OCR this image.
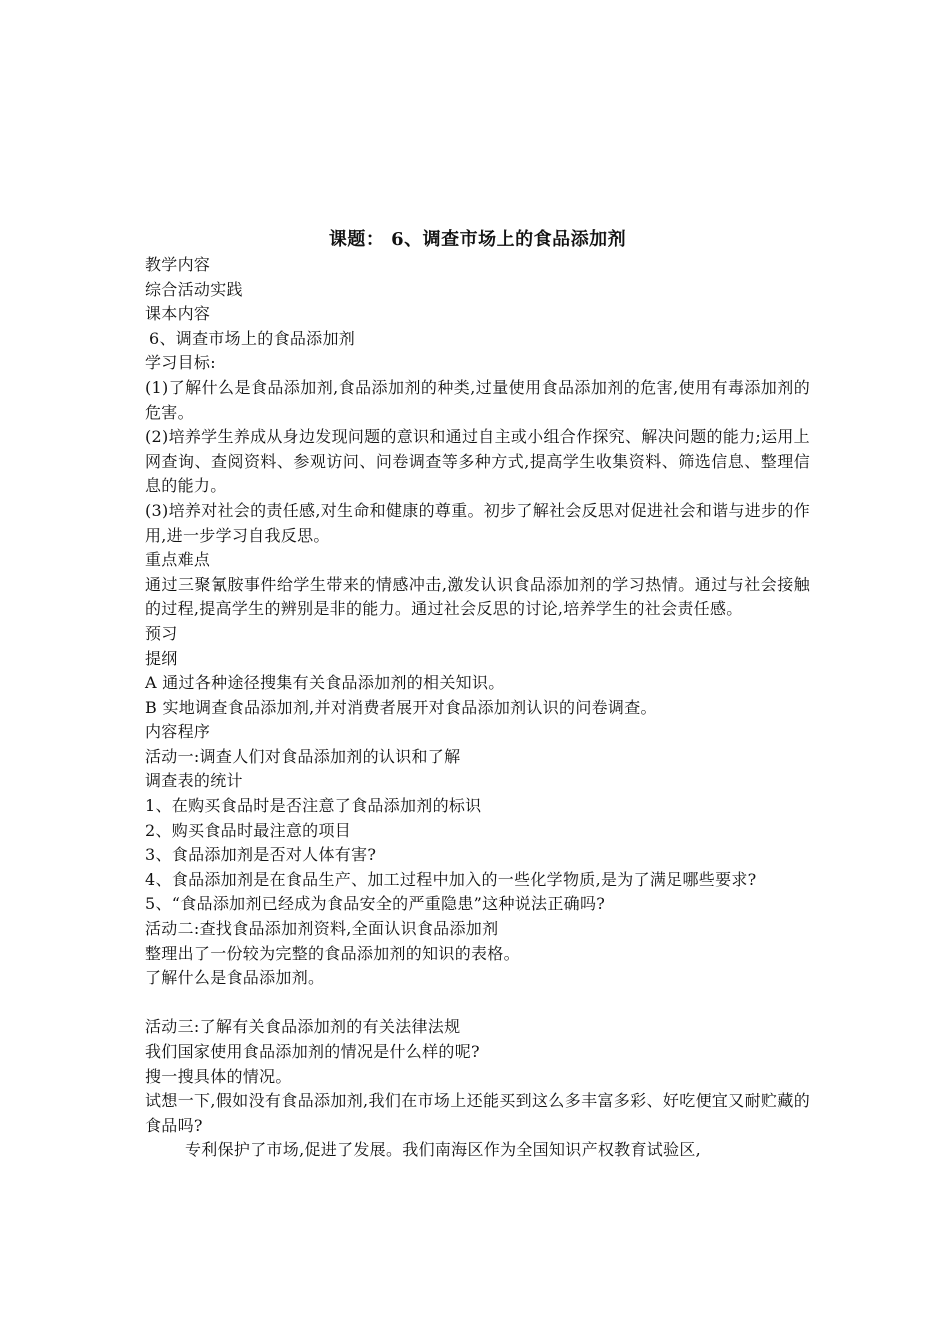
课题： 6、调查市场上的食品添加剂
教学内容
综合活动实践
课本内容
6、调查市场上的食品添加剂
学习目标:
(1)了解什么是食品添加剂,食品添加剂的种类,过量使用食品添加剂的危害,使用有毒添加剂的危害。
(2)培养学生养成从身边发现问题的意识和通过自主或小组合作探究、解决问题的能力;运用上网查询、查阅资料、参观访问、问卷调查等多种方式,提高学生收集资料、筛选信息、整理信息的能力。
(3)培养对社会的责任感,对生命和健康的尊重。初步了解社会反思对促进社会和谐与进步的作用,进一步学习自我反思。
重点难点
通过三聚氰胺事件给学生带来的情感冲击,激发认识食品添加剂的学习热情。通过与社会接触的过程,提高学生的辨别是非的能力。通过社会反思的讨论,培养学生的社会责任感。
预习
提纲
A 通过各种途径搜集有关食品添加剂的相关知识。
B 实地调查食品添加剂,并对消费者展开对食品添加剂认识的问卷调查。
内容程序
活动一:调查人们对食品添加剂的认识和了解
调查表的统计
1、在购买食品时是否注意了食品添加剂的标识
2、购买食品时最注意的项目
3、食品添加剂是否对人体有害?
4、食品添加剂是在食品生产、加工过程中加入的一些化学物质,是为了满足哪些要求?
5、“食品添加剂已经成为食品安全的严重隐患”这种说法正确吗?
活动二:查找食品添加剂资料,全面认识食品添加剂
整理出了一份较为完整的食品添加剂的知识的表格。
了解什么是食品添加剂。
活动三:了解有关食品添加剂的有关法律法规
我们国家使用食品添加剂的情况是什么样的呢?
搜一搜具体的情况。
试想一下,假如没有食品添加剂,我们在市场上还能买到这么多丰富多彩、好吃便宜又耐贮藏的食品吗?
专利保护了市场,促进了发展。我们南海区作为全国知识产权教育试验区,
